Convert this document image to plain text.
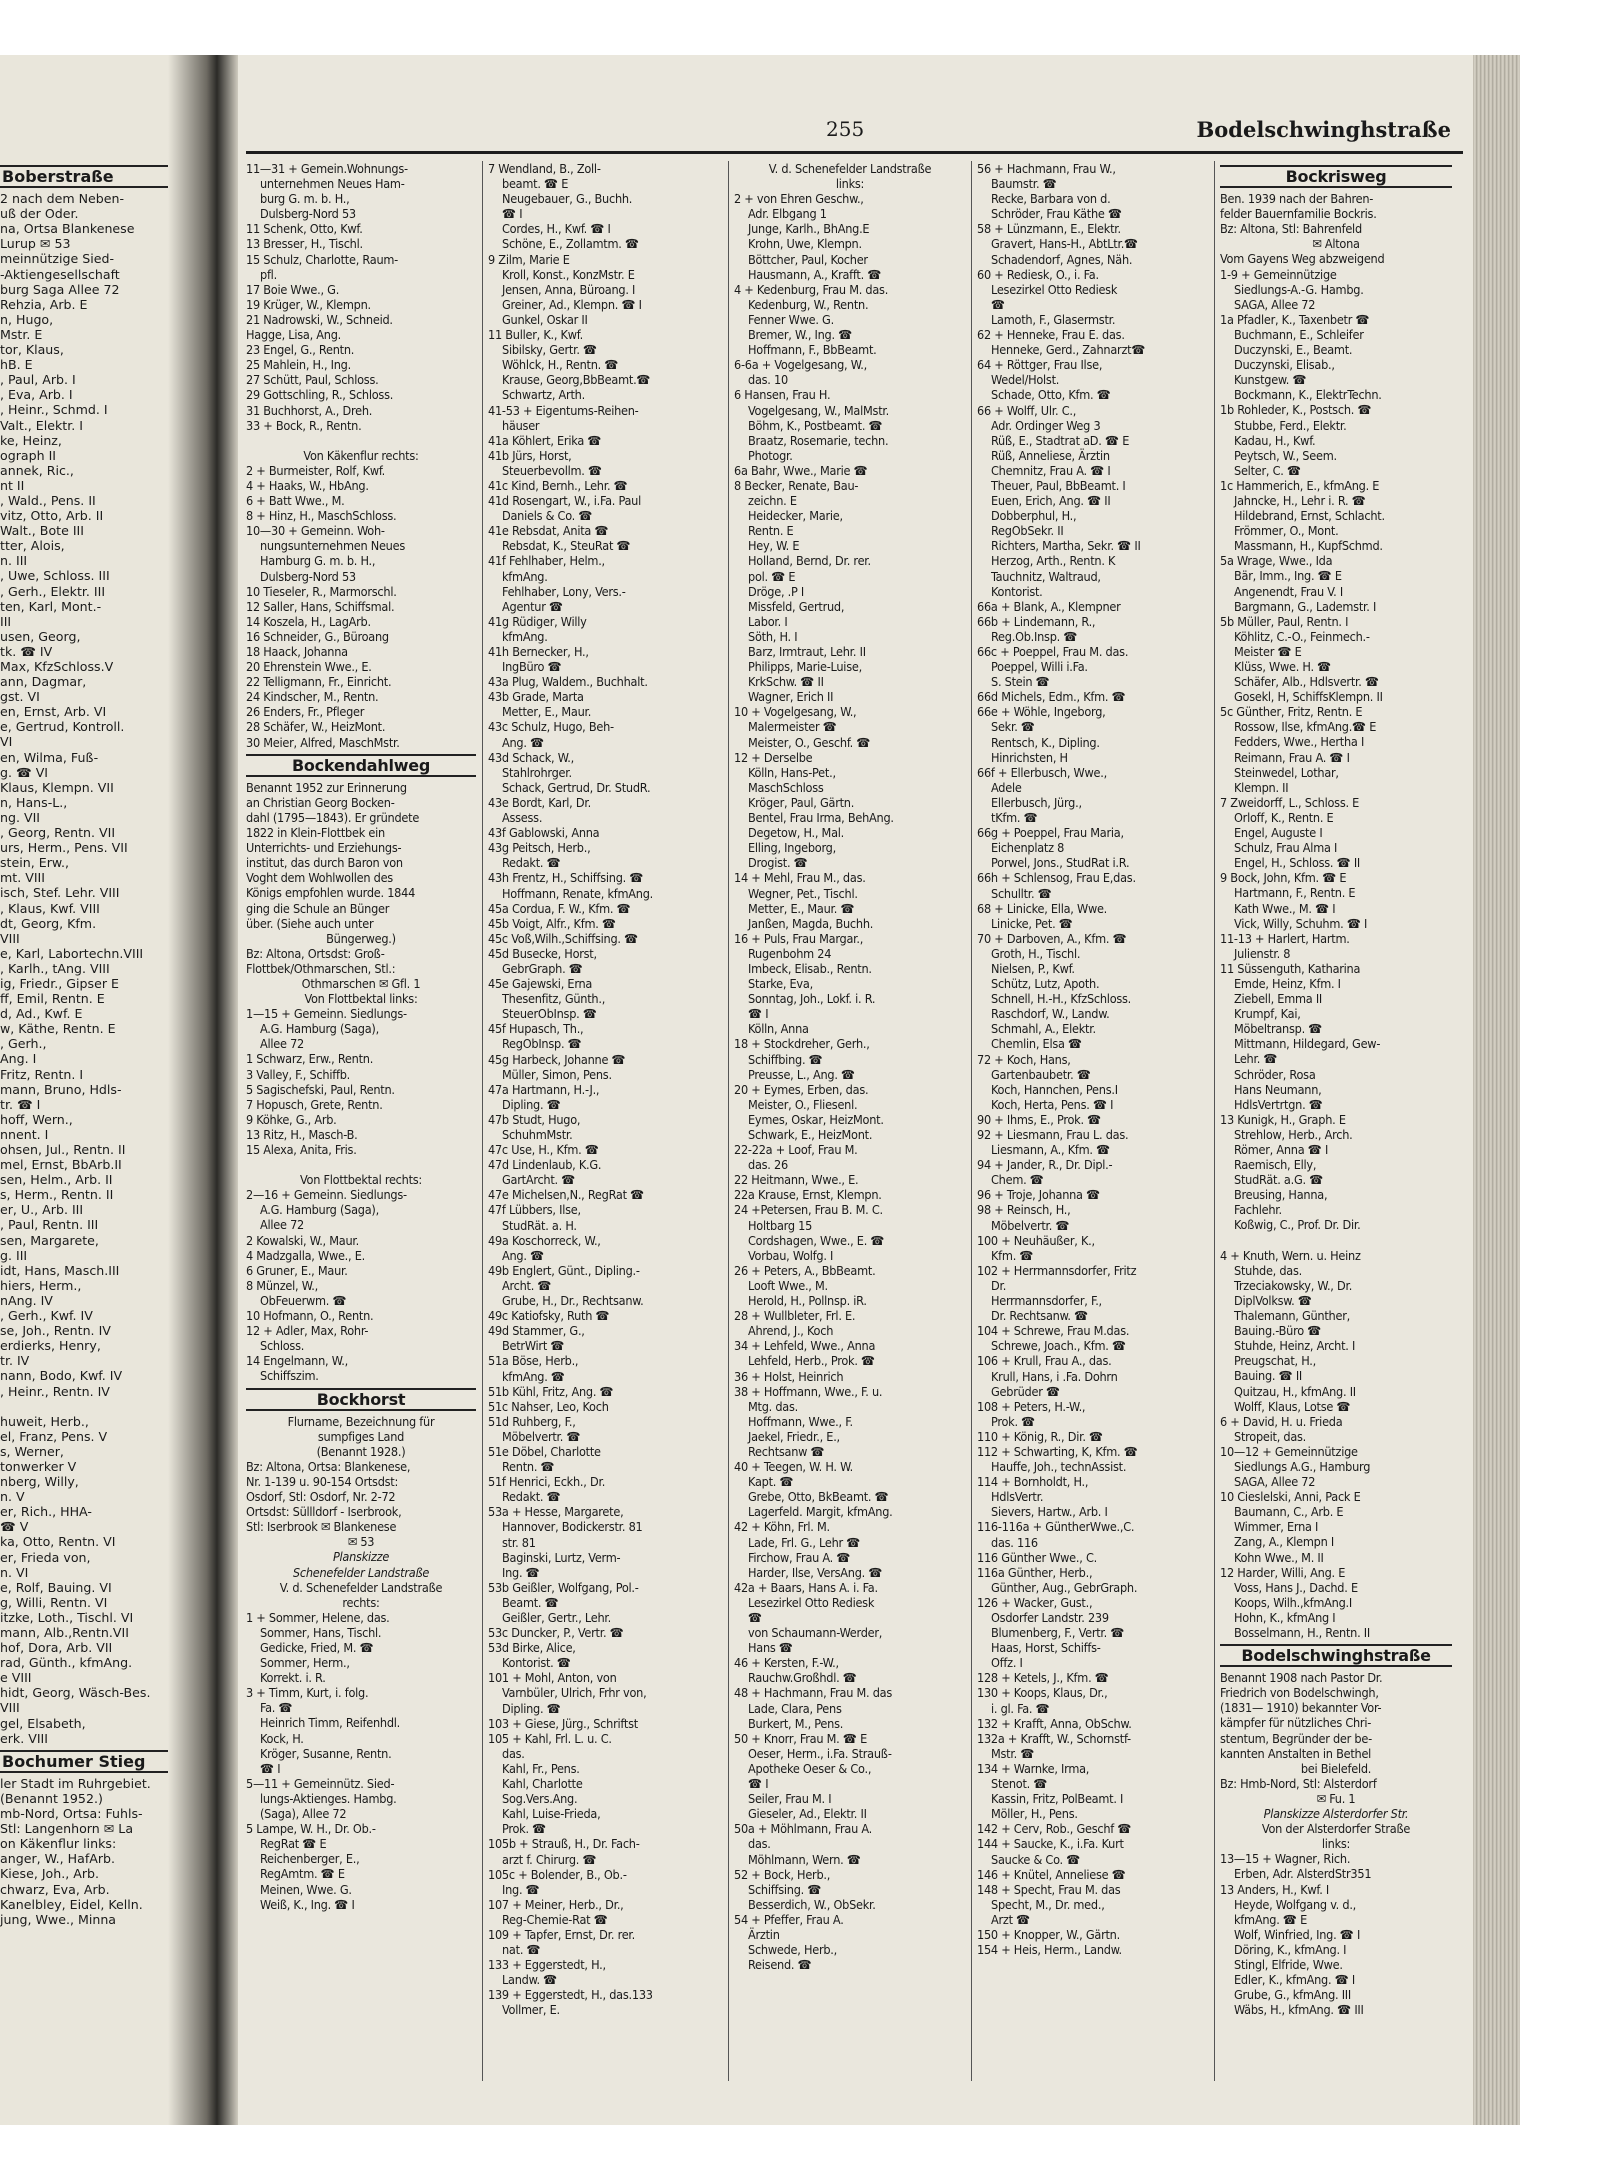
Boberstraße
2 nach dem Neben-
uß der Oder.
na, Ortsa Blankenese
Lurup ✉ 53
meinnützige Sied-
-Aktiengesellschaft
burg Saga Allee 72
Rehzia, Arb. E
n, Hugo,
Mstr. E
tor, Klaus,
hB. E
, Paul, Arb. I
, Eva, Arb. I
, Heinr., Schmd. I
Valt., Elektr. I
ke, Heinz,
ograph II
annek, Ric.,
nt II
, Wald., Pens. II
vitz, Otto, Arb. II
Walt., Bote III
tter, Alois,
n. III
, Uwe, Schloss. III
, Gerh., Elektr. III
ten, Karl, Mont.-
III
usen, Georg,
tk. ☎ IV
Max, KfzSchloss.V
ann, Dagmar,
gst. VI
en, Ernst, Arb. VI
e, Gertrud, Kontroll.
VI
en, Wilma, Fuß-
g. ☎ VI
Klaus, Klempn. VII
n, Hans-L.,
ng. VII
, Georg, Rentn. VII
urs, Herm., Pens. VII
stein, Erw.,
mt. VIII
isch, Stef. Lehr. VIII
, Klaus, Kwf. VIII
dt, Georg, Kfm.
VIII
e, Karl, Labortechn.VIII
, Karlh., tAng. VIII
ig, Friedr., Gipser E
ff, Emil, Rentn. E
d, Ad., Kwf. E
w, Käthe, Rentn. E
, Gerh.,
Ang. I
Fritz, Rentn. I
mann, Bruno, Hdls-
tr. ☎ I
hoff, Wern.,
nnent. I
ohsen, Jul., Rentn. II
mel, Ernst, BbArb.II
sen, Helm., Arb. II
s, Herm., Rentn. II
er, U., Arb. III
, Paul, Rentn. III
sen, Margarete,
g. III
idt, Hans, Masch.III
hiers, Herm.,
nAng. IV
, Gerh., Kwf. IV
se, Joh., Rentn. IV
erdierks, Henry,
tr. IV
nann, Bodo, Kwf. IV
, Heinr., Rentn. IV

huweit, Herb.,
el, Franz, Pens. V
s, Werner,
tonwerker V
nberg, Willy,
n. V
er, Rich., HHA-
☎ V
ka, Otto, Rentn. VI
er, Frieda von,
n. VI
e, Rolf, Bauing. VI
g, Willi, Rentn. VI
itzke, Loth., Tischl. VI
mann, Alb.,Rentn.VII
hof, Dora, Arb. VII
rad, Günth., kfmAng.
e VIII
hidt, Georg, Wäsch-Bes.
VIII
gel, Elsabeth,
erk. VIII
Bochumer Stieg
ler Stadt im Ruhrgebiet.
(Benannt 1952.)
mb-Nord, Ortsa: Fuhls-
Stl: Langenhorn ✉ La
on Käkenflur links:
anger, W., HafArb.
Kiese, Joh., Arb.
chwarz, Eva, Arb.
Kanelbley, Eidel, Kelln.
jung, Wwe., Minna
255	Bodelschwinghstraße
11—31 + Gemein.Wohnungs-
unternehmen Neues Ham-
burg G. m. b. H.,
Dulsberg-Nord 53
11 Schenk, Otto, Kwf.
13 Bresser, H., Tischl.
15 Schulz, Charlotte, Raum-
pfl.
17 Boie Wwe., G.
19 Krüger, W., Klempn.
21 Nadrowski, W., Schneid.
Hagge, Lisa, Ang.
23 Engel, G., Rentn.
25 Mahlein, H., Ing.
27 Schütt, Paul, Schloss.
29 Gottschling, R., Schloss.
31 Buchhorst, A., Dreh.
33 + Bock, R., Rentn.

Von Käkenflur rechts:
2 + Burmeister, Rolf, Kwf.
4 + Haaks, W., HbAng.
6 + Batt Wwe., M.
8 + Hinz, H., MaschSchloss.
10—30 + Gemeinn. Woh-
nungsunternehmen Neues
Hamburg G. m. b. H.,
Dulsberg-Nord 53
10 Tieseler, R., Marmorschl.
12 Saller, Hans, Schiffsmal.
14 Koszela, H., LagArb.
16 Schneider, G., Büroang
18 Haack, Johanna
20 Ehrenstein Wwe., E.
22 Telligmann, Fr., Einricht.
24 Kindscher, M., Rentn.
26 Enders, Fr., Pfleger
28 Schäfer, W., HeizMont.
30 Meier, Alfred, MaschMstr.
Bockendahlweg
Benannt 1952 zur Erinnerung
an Christian Georg Bocken-
dahl (1795—1843). Er gründete
1822 in Klein-Flottbek ein
Unterrichts- und Erziehungs-
institut, das durch Baron von
Voght dem Wohlwollen des
Königs empfohlen wurde. 1844
ging die Schule an Bünger
über. (Siehe auch unter
Büngerweg.)
Bz: Altona, Ortsdst: Groß-
Flottbek/Othmarschen, Stl.:
Othmarschen ✉ Gfl. 1
Von Flottbektal links:
1—15 + Gemeinn. Siedlungs-
A.G. Hamburg (Saga),
Allee 72
1 Schwarz, Erw., Rentn.
3 Valley, F., Schiffb.
5 Sagischefski, Paul, Rentn.
7 Hopusch, Grete, Rentn.
9 Köhke, G., Arb.
13 Ritz, H., Masch-B.
15 Alexa, Anita, Fris.

Von Flottbektal rechts:
2—16 + Gemeinn. Siedlungs-
A.G. Hamburg (Saga),
Allee 72
2 Kowalski, W., Maur.
4 Madzgalla, Wwe., E.
6 Gruner, E., Maur.
8 Münzel, W.,
ObFeuerwm. ☎
10 Hofmann, O., Rentn.
12 + Adler, Max, Rohr-
Schloss.
14 Engelmann, W.,
Schiffszim.
Bockhorst
Flurname, Bezeichnung für
sumpfiges Land
(Benannt 1928.)
Bz: Altona, Ortsa: Blankenese,
Nr. 1-139 u. 90-154 Ortsdst:
Osdorf, Stl: Osdorf, Nr. 2-72
Ortsdst: Süllldorf - Iserbrook,
Stl: Iserbrook ✉ Blankenese
✉ 53
Planskizze
Schenefelder Landstraße
V. d. Schenefelder Landstraße
rechts:
1 + Sommer, Helene, das.
Sommer, Hans, Tischl.
Gedicke, Fried, M. ☎
Sommer, Herm.,
Korrekt. i. R.
3 + Timm, Kurt, i. folg.
Fa. ☎
Heinrich Timm, Reifenhdl.
Kock, H.
Kröger, Susanne, Rentn.
☎ I
5—11 + Gemeinnütz. Sied-
lungs-Aktienges. Hambg.
(Saga), Allee 72
5 Lampe, W. H., Dr. Ob.-
RegRat ☎ E
Reichenberger, E.,
RegAmtm. ☎ E
Meinen, Wwe. G.
Weiß, K., Ing. ☎ I
7 Wendland, B., Zoll-
beamt. ☎ E
Neugebauer, G., Buchh.
☎ I
Cordes, H., Kwf. ☎ I
Schöne, E., Zollamtm. ☎
9 Zilm, Marie E
Kroll, Konst., KonzMstr. E
Jensen, Anna, Büroang. I
Greiner, Ad., Klempn. ☎ I
Gunkel, Oskar II
11 Buller, K., Kwf.
Sibilsky, Gertr. ☎
Wöhlck, H., Rentn. ☎
Krause, Georg,BbBeamt.☎
Schwartz, Arth.
41-53 + Eigentums-Reihen-
häuser
41a Köhlert, Erika ☎
41b Jürs, Horst,
Steuerbevollm. ☎
41c Kind, Bernh., Lehr. ☎
41d Rosengart, W., i.Fa. Paul
Daniels & Co. ☎
41e Rebsdat, Anita ☎
Rebsdat, K., SteuRat ☎
41f Fehlhaber, Helm.,
kfmAng.
Fehlhaber, Lony, Vers.-
Agentur ☎
41g Rüdiger, Willy
kfmAng.
41h Bernecker, H.,
IngBüro ☎
43a Plug, Waldem., Buchhalt.
43b Grade, Marta
Metter, E., Maur.
43c Schulz, Hugo, Beh-
Ang. ☎
43d Schack, W.,
Stahlrohrger.
Schack, Gertrud, Dr. StudR.
43e Bordt, Karl, Dr.
Assess.
43f Gablowski, Anna
43g Peitsch, Herb.,
Redakt. ☎
43h Frentz, H., Schiffsing. ☎
Hoffmann, Renate, kfmAng.
45a Cordua, F. W., Kfm. ☎
45b Voigt, Alfr., Kfm. ☎
45c Voß,Wilh.,Schiffsing. ☎
45d Busecke, Horst,
GebrGraph. ☎
45e Gajewski, Erna
Thesenfitz, Günth.,
SteuerObInsp. ☎
45f Hupasch, Th.,
RegObInsp. ☎
45g Harbeck, Johanne ☎
Müller, Simon, Pens.
47a Hartmann, H.-J.,
Dipling. ☎
47b Studt, Hugo,
SchuhmMstr.
47c Use, H., Kfm. ☎
47d Lindenlaub, K.G.
GartArcht. ☎
47e Michelsen,N., RegRat ☎
47f Lübbers, Ilse,
StudRät. a. H.
49a Koschorreck, W.,
Ang. ☎
49b Englert, Günt., Dipling.-
Archt. ☎
Grube, H., Dr., Rechtsanw.
49c Katiofsky, Ruth ☎
49d Stammer, G.,
BetrWirt ☎
51a Böse, Herb.,
kfmAng. ☎
51b Kühl, Fritz, Ang. ☎
51c Nahser, Leo, Koch
51d Ruhberg, F.,
Möbelvertr. ☎
51e Döbel, Charlotte
Rentn. ☎
51f Henrici, Eckh., Dr.
Redakt. ☎
53a + Hesse, Margarete,
Hannover, Bodickerstr. 81
str. 81
Baginski, Lurtz, Verm-
Ing. ☎
53b Geißler, Wolfgang, Pol.-
Beamt. ☎
Geißler, Gertr., Lehr.
53c Duncker, P., Vertr. ☎
53d Birke, Alice,
Kontorist. ☎
101 + Mohl, Anton, von
Varnbüler, Ulrich, Frhr von,
Dipling. ☎
103 + Giese, Jürg., Schriftst
105 + Kahl, Frl. L. u. C.
das.
Kahl, Fr., Pens.
Kahl, Charlotte
Sog.Vers.Ang.
Kahl, Luise-Frieda,
Prok. ☎
105b + Strauß, H., Dr. Fach-
arzt f. Chirurg. ☎
105c + Bolender, B., Ob.-
Ing. ☎
107 + Meiner, Herb., Dr.,
Reg-Chemie-Rat ☎
109 + Tapfer, Ernst, Dr. rer.
nat. ☎
133 + Eggerstedt, H.,
Landw. ☎
139 + Eggerstedt, H., das.133
Vollmer, E.
V. d. Schenefelder Landstraße
links:
2 + von Ehren Geschw.,
Adr. Elbgang 1
Junge, Karlh., BhAng.E
Krohn, Uwe, Klempn.
Böttcher, Paul, Kocher
Hausmann, A., Krafft. ☎
4 + Kedenburg, Frau M. das.
Kedenburg, W., Rentn.
Fenner Wwe. G.
Bremer, W., Ing. ☎
Hoffmann, F., BbBeamt.
6-6a + Vogelgesang, W.,
das. 10
6 Hansen, Frau H.
Vogelgesang, W., MalMstr.
Böhm, K., Postbeamt. ☎
Braatz, Rosemarie, techn.
Photogr.
6a Bahr, Wwe., Marie ☎
8 Becker, Renate, Bau-
zeichn. E
Heidecker, Marie,
Rentn. E
Hey, W. E
Holland, Bernd, Dr. rer.
pol. ☎ E
Dröge, .P I
Missfeld, Gertrud,
Labor. I
Söth, H. I
Barz, Irmtraut, Lehr. II
Philipps, Marie-Luise,
KrkSchw. ☎ II
Wagner, Erich II
10 + Vogelgesang, W.,
Malermeister ☎
Meister, O., Geschf. ☎
12 + Derselbe
Kölln, Hans-Pet.,
MaschSchloss
Kröger, Paul, Gärtn.
Bentel, Frau Irma, BehAng.
Degetow, H., Mal.
Elling, Ingeborg,
Drogist. ☎
14 + Mehl, Frau M., das.
Wegner, Pet., Tischl.
Metter, E., Maur. ☎
Janßen, Magda, Buchh.
16 + Puls, Frau Margar.,
Rugenbohm 24
Imbeck, Elisab., Rentn.
Starke, Eva,
Sonntag, Joh., Lokf. i. R.
☎ I
Kölln, Anna
18 + Stockdreher, Gerh.,
Schiffbing. ☎
Preusse, L., Ang. ☎
20 + Eymes, Erben, das.
Meister, O., Fliesenl.
Eymes, Oskar, HeizMont.
Schwark, E., HeizMont.
22-22a + Loof, Frau M.
das. 26
22 Heitmann, Wwe., E.
22a Krause, Ernst, Klempn.
24 +Petersen, Frau B. M. C.
Holtbarg 15
Cordshagen, Wwe., E. ☎
Vorbau, Wolfg. I
26 + Peters, A., BbBeamt.
Looft Wwe., M.
Herold, H., Pollnsp. iR.
28 + Wullbleter, Frl. E.
Ahrend, J., Koch
34 + Lehfeld, Wwe., Anna
Lehfeld, Herb., Prok. ☎
36 + Holst, Heinrich
38 + Hoffmann, Wwe., F. u.
Mtg. das.
Hoffmann, Wwe., F.
Jaekel, Friedr., E.,
Rechtsanw ☎
40 + Teegen, W. H. W.
Kapt. ☎
Grebe, Otto, BkBeamt. ☎
Lagerfeld. Margit, kfmAng.
42 + Köhn, Frl. M.
Lade, Frl. G., Lehr ☎
Firchow, Frau A. ☎
Harder, Ilse, VersAng. ☎
42a + Baars, Hans A. i. Fa.
Lesezirkel Otto Rediesk
☎
von Schaumann-Werder,
Hans ☎
46 + Kersten, F.-W.,
Rauchw.Großhdl. ☎
48 + Hachmann, Frau M. das
Lade, Clara, Pens
Burkert, M., Pens.
50 + Knorr, Frau M. ☎ E
Oeser, Herm., i.Fa. Strauß-
Apotheke Oeser & Co.,
☎ I
Seiler, Frau M. I
Gieseler, Ad., Elektr. II
50a + Möhlmann, Frau A.
das.
Möhlmann, Wern. ☎
52 + Bock, Herb.,
Schiffsing. ☎
Besserdich, W., ObSekr.
54 + Pfeffer, Frau A.
Ärztin
Schwede, Herb.,
Reisend. ☎
56 + Hachmann, Frau W.,
Baumstr. ☎
Recke, Barbara von d.
Schröder, Frau Käthe ☎
58 + Lünzmann, E., Elektr.
Gravert, Hans-H., AbtLtr.☎
Schadendorf, Agnes, Näh.
60 + Rediesk, O., i. Fa.
Lesezirkel Otto Rediesk
☎
Lamoth, F., Glasermstr.
62 + Henneke, Frau E. das.
Henneke, Gerd., Zahnarzt☎
64 + Röttger, Frau Ilse,
Wedel/Holst.
Schade, Otto, Kfm. ☎
66 + Wolff, Ulr. C.,
Adr. Ordinger Weg 3
Rüß, E., Stadtrat aD. ☎ E
Rüß, Anneliese, Ärztin
Chemnitz, Frau A. ☎ I
Theuer, Paul, BbBeamt. I
Euen, Erich, Ang. ☎ II
Dobberphul, H.,
RegObSekr. II
Richters, Martha, Sekr. ☎ II
Herzog, Arth., Rentn. K
Tauchnitz, Waltraud,
Kontorist.
66a + Blank, A., Klempner
66b + Lindemann, R.,
Reg.Ob.Insp. ☎
66c + Poeppel, Frau M. das.
Poeppel, Willi i.Fa.
S. Stein ☎
66d Michels, Edm., Kfm. ☎
66e + Wöhle, Ingeborg,
Sekr. ☎
Rentsch, K., Dipling.
Hinrichsten, H
66f + Ellerbusch, Wwe.,
Adele
Ellerbusch, Jürg.,
tKfm. ☎
66g + Poeppel, Frau Maria,
Eichenplatz 8
Porwel, Jons., StudRat i.R.
66h + Schlensog, Frau E,das.
Schulltr. ☎
68 + Linicke, Ella, Wwe.
Linicke, Pet. ☎
70 + Darboven, A., Kfm. ☎
Groth, H., Tischl.
Nielsen, P., Kwf.
Schütz, Lutz, Apoth.
Schnell, H.-H., KfzSchloss.
Raschdorf, W., Landw.
Schmahl, A., Elektr.
Chemlin, Elsa ☎
72 + Koch, Hans,
Gartenbaubetr. ☎
Koch, Hannchen, Pens.I
Koch, Herta, Pens. ☎ I
90 + Ihms, E., Prok. ☎
92 + Liesmann, Frau L. das.
Liesmann, A., Kfm. ☎
94 + Jander, R., Dr. Dipl.-
Chem. ☎
96 + Troje, Johanna ☎
98 + Reinsch, H.,
Möbelvertr. ☎
100 + Neuhäußer, K.,
Kfm. ☎
102 + Herrmannsdorfer, Fritz
Dr.
Herrmannsdorfer, F.,
Dr. Rechtsanw. ☎
104 + Schrewe, Frau M.das.
Schrewe, Joach., Kfm. ☎
106 + Krull, Frau A., das.
Krull, Hans, i .Fa. Dohrn
Gebrüder ☎
108 + Peters, H.-W.,
Prok. ☎
110 + König, R., Dir. ☎
112 + Schwarting, K, Kfm. ☎
Hauffe, Joh., technAssist.
114 + Bornholdt, H.,
HdlsVertr.
Sievers, Hartw., Arb. I
116-116a + GüntherWwe.,C.
das. 116
116 Günther Wwe., C.
116a Günther, Herb.,
Günther, Aug., GebrGraph.
126 + Wacker, Gust.,
Osdorfer Landstr. 239
Blumenberg, F., Vertr. ☎
Haas, Horst, Schiffs-
Offz. I
128 + Ketels, J., Kfm. ☎
130 + Koops, Klaus, Dr.,
i. gl. Fa. ☎
132 + Krafft, Anna, ObSchw.
132a + Krafft, W., Schornstf-
Mstr. ☎
134 + Warnke, Irma,
Stenot. ☎
Kassin, Fritz, PolBeamt. I
Möller, H., Pens.
142 + Cerv, Rob., Geschf ☎
144 + Saucke, K., i.Fa. Kurt
Saucke & Co. ☎
146 + Knütel, Anneliese ☎
148 + Specht, Frau M. das
Specht, M., Dr. med.,
Arzt ☎
150 + Knopper, W., Gärtn.
154 + Heis, Herm., Landw.
Bockrisweg
Ben. 1939 nach der Bahren-
felder Bauernfamilie Bockris.
Bz: Altona, Stl: Bahrenfeld
✉ Altona
Vom Gayens Weg abzweigend
1-9 + Gemeinnützige
Siedlungs-A.-G. Hambg.
SAGA, Allee 72
1a Pfadler, K., Taxenbetr ☎
Buchmann, E., Schleifer
Duczynski, E., Beamt.
Duczynski, Elisab.,
Kunstgew. ☎
Bockmann, K., ElektrTechn.
1b Rohleder, K., Postsch. ☎
Stubbe, Ferd., Elektr.
Kadau, H., Kwf.
Peytsch, W., Seem.
Selter, C. ☎
1c Hammerich, E., kfmAng. E
Jahncke, H., Lehr i. R. ☎
Hildebrand, Ernst, Schlacht.
Frömmer, O., Mont.
Massmann, H., KupfSchmd.
5a Wrage, Wwe., Ida
Bär, Imm., Ing. ☎ E
Angenendt, Frau V. I
Bargmann, G., Lademstr. I
5b Müller, Paul, Rentn. I
Köhlitz, C.-O., Feinmech.-
Meister ☎ E
Klüss, Wwe. H. ☎
Schäfer, Alb., Hdlsvertr. ☎
Gosekl, H, SchiffsKlempn. II
5c Günther, Fritz, Rentn. E
Rossow, Ilse, kfmAng.☎ E
Fedders, Wwe., Hertha I
Reimann, Frau A. ☎ I
Steinwedel, Lothar,
Klempn. II
7 Zweidorff, L., Schloss. E
Orloff, K., Rentn. E
Engel, Auguste I
Schulz, Frau Alma I
Engel, H., Schloss. ☎ II
9 Bock, John, Kfm. ☎ E
Hartmann, F., Rentn. E
Kath Wwe., M. ☎ I
Vick, Willy, Schuhm. ☎ I
11-13 + Harlert, Hartm.
Julienstr. 8
11 Süssenguth, Katharina
Emde, Heinz, Kfm. I
Ziebell, Emma II
Krumpf, Kai,
Möbeltransp. ☎
Mittmann, Hildegard, Gew-
Lehr. ☎
Schröder, Rosa
Hans Neumann,
HdlsVertrtgn. ☎
13 Kunigk, H., Graph. E
Strehlow, Herb., Arch.
Römer, Anna ☎ I
Raemisch, Elly,
StudRät. a.G. ☎
Breusing, Hanna,
Fachlehr.
Koßwig, C., Prof. Dr. Dir.

4 + Knuth, Wern. u. Heinz
Stuhde, das.
Trzeciakowsky, W., Dr.
DiplVolksw. ☎
Thalemann, Günther,
Bauing.-Büro ☎
Stuhde, Heinz, Archt. I
Preugschat, H.,
Bauing. ☎ II
Quitzau, H., kfmAng. II
Wolff, Klaus, Lotse ☎
6 + David, H. u. Frieda
Stropeit, das.
10—12 + Gemeinnützige
Siedlungs A.G., Hamburg
SAGA, Allee 72
10 Cieslelski, Anni, Pack E
Baumann, C., Arb. E
Wimmer, Erna I
Zang, A., Klempn I
Kohn Wwe., M. II
12 Harder, Willi, Ang. E
Voss, Hans J., Dachd. E
Koops, Wilh.,kfmAng.I
Hohn, K., kfmAng I
Bosselmann, H., Rentn. II
Bodelschwinghstraße
Benannt 1908 nach Pastor Dr.
Friedrich von Bodelschwingh,
(1831— 1910) bekannter Vor-
kämpfer für nützliches Chri-
stentum, Begründer der be-
kannten Anstalten in Bethel
bei Bielefeld.
Bz: Hmb-Nord, Stl: Alsterdorf
✉ Fu. 1
Planskizze Alsterdorfer Str.
Von der Alsterdorfer Straße
links:
13—15 + Wagner, Rich.
Erben, Adr. AlsterdStr351
13 Anders, H., Kwf. I
Heyde, Wolfgang v. d.,
kfmAng. ☎ E
Wolf, Winfried, Ing. ☎ I
Döring, K., kfmAng. I
Stingl, Elfride, Wwe.
Edler, K., kfmAng. ☎ I
Grube, G., kfmAng. III
Wäbs, H., kfmAng. ☎ III
